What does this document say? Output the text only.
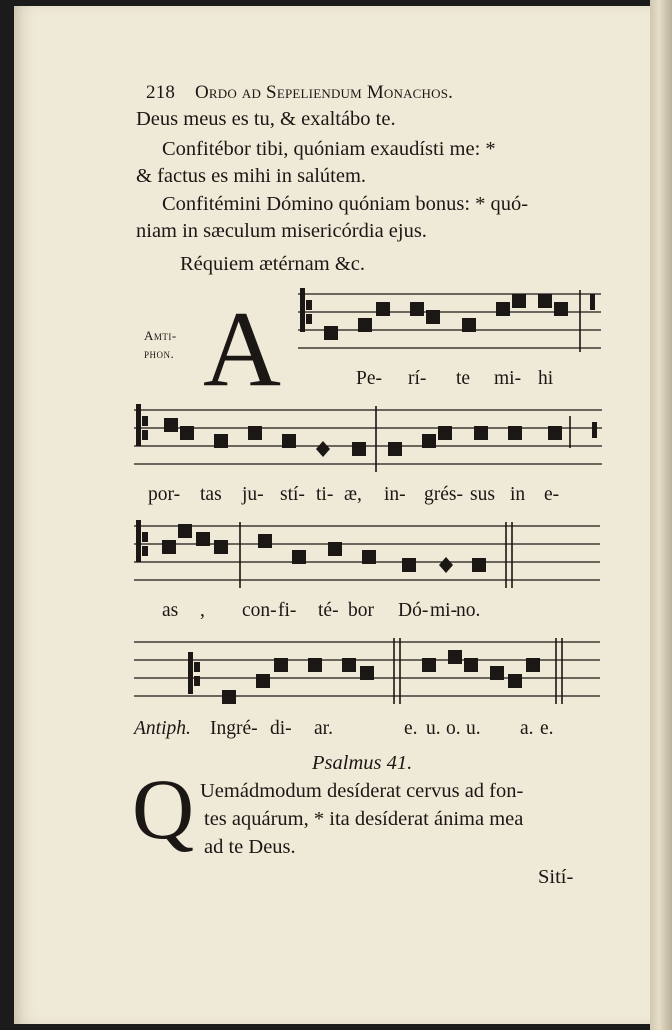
218 Ordo ad Sepeliendum Monachos.
Deus meus es tu, & exaltábo te.
Confitébor tibi, quóniam exaudísti me: *
& factus es mihi in salútem.
Confitémini Dómino quóniam bonus: * quó-
niam in sæculum misericórdia ejus.
Réquiem ætérnam &c.
Amti-
phon. A	Pe- rí- te mi- hi
por- tas ju- stí- ti- æ, in- grés- sus in e-
as , con- fi- té- bor Dó- mi-
no.
Antiph. Ingré- di- ar.	e. u. o. u. a. e.
Psalmus 41.
Q Uemádmodum desíderat cervus ad fon-
tes aquárum, * ita desíderat ánima mea
ad te Deus.
Sití-
